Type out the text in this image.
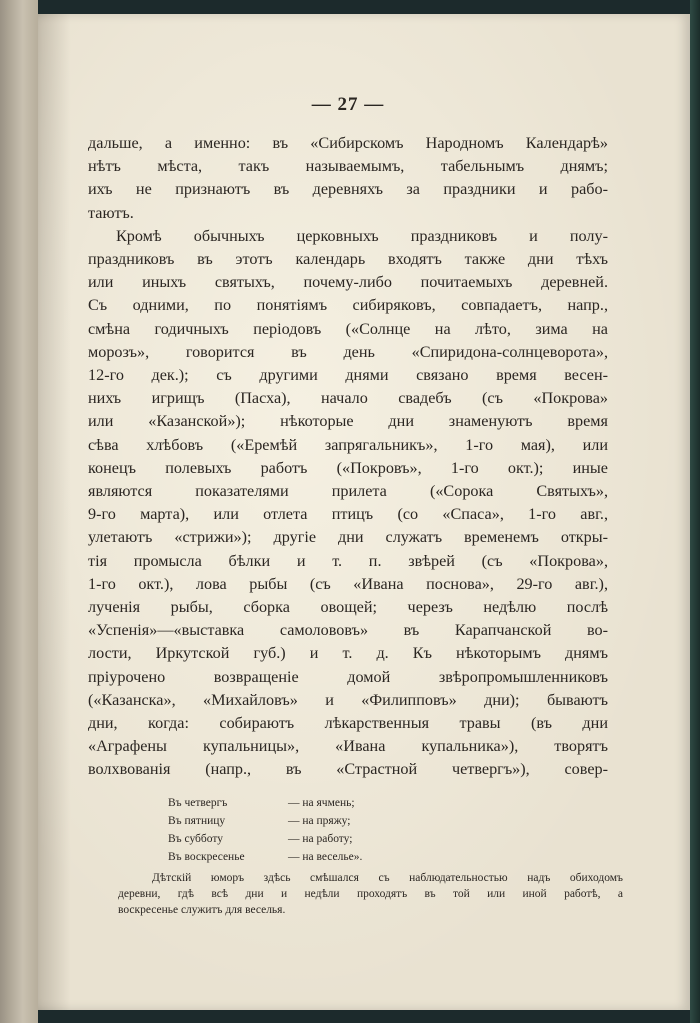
— 27 —
дальше, а именно: въ «Сибирскомъ Народномъ Календарѣ»
нѣтъ мѣста, такъ называемымъ, табельнымъ днямъ;
ихъ не признаютъ въ деревняхъ за праздники и рабо-
таютъ.
Кромѣ обычныхъ церковныхъ праздниковъ и полу-
праздниковъ въ этотъ календарь входятъ также дни тѣхъ
или иныхъ святыхъ, почему-либо почитаемыхъ деревней.
Съ одними, по понятіямъ сибиряковъ, совпадаетъ, напр.,
смѣна годичныхъ періодовъ («Солнце на лѣто, зима на
морозъ», говорится въ день «Спиридона-солнцеворота»,
12-го дек.); съ другими днями связано время весен-
нихъ игрищъ (Пасха), начало свадебъ (съ «Покрова»
или «Казанской»); нѣкоторые дни знаменуютъ время
сѣва хлѣбовъ («Еремѣй запрягальникъ», 1-го мая), или
конецъ полевыхъ работъ («Покровъ», 1-го окт.); иные
являются показателями прилета («Сорока Святыхъ»,
9-го марта), или отлета птицъ (со «Спаса», 1-го авг.,
улетаютъ «стрижи»); другіе дни служатъ временемъ откры-
тія промысла бѣлки и т. п. звѣрей (съ «Покрова»,
1-го окт.), лова рыбы (съ «Ивана поснова», 29-го авг.),
лученія рыбы, сборка овощей; черезъ недѣлю послѣ
«Успенія»—«выставка самолововъ» въ Карапчанской во-
лости, Иркутской губ.) и т. д. Къ нѣкоторымъ днямъ
пріурочено возвращеніе домой звѣропромышленниковъ
(«Казанска», «Михайловъ» и «Филипповъ» дни); бываютъ
дни, когда: собираютъ лѣкарственныя травы (въ дни
«Аграфены купальницы», «Ивана купальника»), творятъ
волхвованія (напр., въ «Страстной четвергъ»), совер-
Въ четвергъ	— на ячмень;
Въ пятницу	— на пряжу;
Въ субботу	— на работу;
Въ воскресенье	— на веселье».
Дѣтскій юморъ здѣсь смѣшался съ наблюдательностью надъ обиходомъ
деревни, гдѣ всѣ дни и недѣли проходятъ въ той или иной работѣ, а
воскресенье служитъ для веселья.
